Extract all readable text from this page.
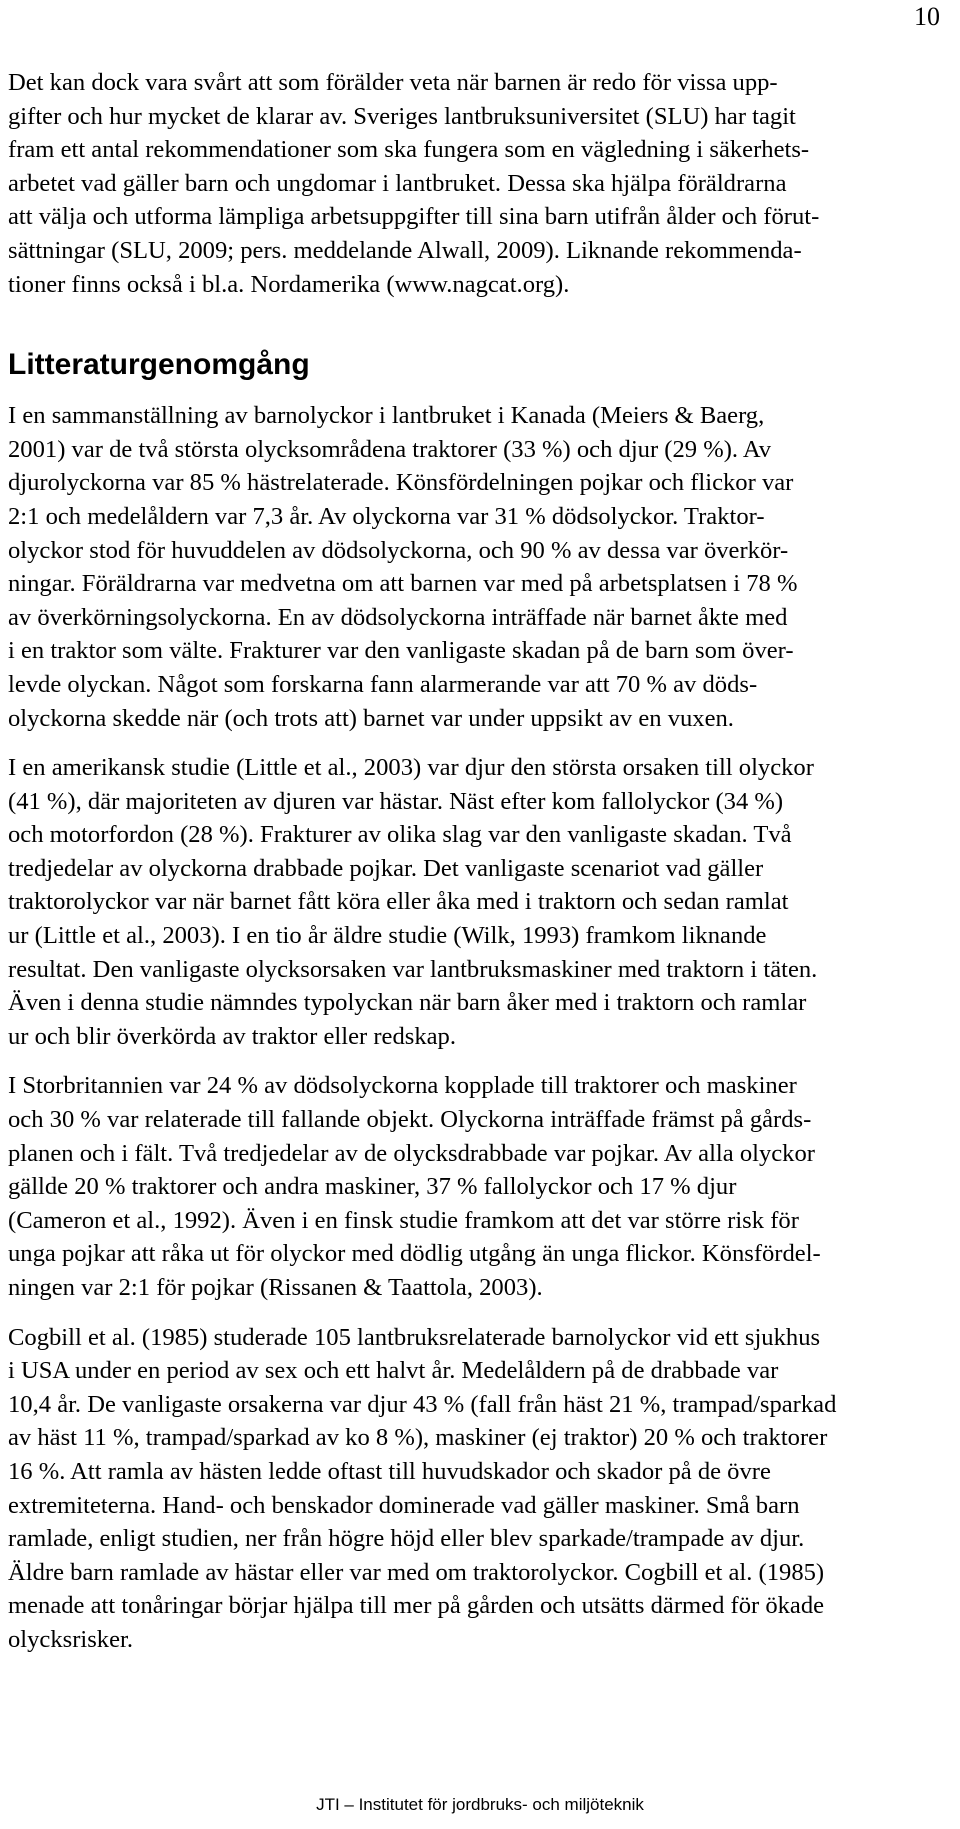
10

Det kan dock vara svårt att som förälder veta när barnen är redo för vissa upp-
gifter och hur mycket de klarar av. Sveriges lantbruksuniversitet (SLU) har tagit
fram ett antal rekommendationer som ska fungera som en vägledning i säkerhets-
arbetet vad gäller barn och ungdomar i lantbruket. Dessa ska hjälpa föräldrarna
att välja och utforma lämpliga arbetsuppgifter till sina barn utifrån ålder och förut-
sättningar (SLU, 2009; pers. meddelande Alwall, 2009). Liknande rekommenda-
tioner finns också i bl.a. Nordamerika (www.nagcat.org).

Litteraturgenomgång

I en sammanställning av barnolyckor i lantbruket i Kanada (Meiers & Baerg,
2001) var de två största olycksområdena traktorer (33 %) och djur (29 %). Av
djurolyckorna var 85 % hästrelaterade. Könsfördelningen pojkar och flickor var
2:1 och medelåldern var 7,3 år. Av olyckorna var 31 % dödsolyckor. Traktor-
olyckor stod för huvuddelen av dödsolyckorna, och 90 % av dessa var överkör-
ningar. Föräldrarna var medvetna om att barnen var med på arbetsplatsen i 78 %
av överkörningsolyckorna. En av dödsolyckorna inträffade när barnet åkte med
i en traktor som välte. Frakturer var den vanligaste skadan på de barn som över-
levde olyckan. Något som forskarna fann alarmerande var att 70 % av döds-
olyckorna skedde när (och trots att) barnet var under uppsikt av en vuxen.

I en amerikansk studie (Little et al., 2003) var djur den största orsaken till olyckor
(41 %), där majoriteten av djuren var hästar. Näst efter kom fallolyckor (34 %)
och motorfordon (28 %). Frakturer av olika slag var den vanligaste skadan. Två
tredjedelar av olyckorna drabbade pojkar. Det vanligaste scenariot vad gäller
traktorolyckor var när barnet fått köra eller åka med i traktorn och sedan ramlat
ur (Little et al., 2003). I en tio år äldre studie (Wilk, 1993) framkom liknande
resultat. Den vanligaste olycksorsaken var lantbruksmaskiner med traktorn i täten.
Även i denna studie nämndes typolyckan när barn åker med i traktorn och ramlar
ur och blir överkörda av traktor eller redskap.

I Storbritannien var 24 % av dödsolyckorna kopplade till traktorer och maskiner
och 30 % var relaterade till fallande objekt. Olyckorna inträffade främst på gårds-
planen och i fält. Två tredjedelar av de olycksdrabbade var pojkar. Av alla olyckor
gällde 20 % traktorer och andra maskiner, 37 % fallolyckor och 17 % djur
(Cameron et al., 1992). Även i en finsk studie framkom att det var större risk för
unga pojkar att råka ut för olyckor med dödlig utgång än unga flickor. Könsfördel-
ningen var 2:1 för pojkar (Rissanen & Taattola, 2003).

Cogbill et al. (1985) studerade 105 lantbruksrelaterade barnolyckor vid ett sjukhus
i USA under en period av sex och ett halvt år. Medelåldern på de drabbade var
10,4 år. De vanligaste orsakerna var djur 43 % (fall från häst 21 %, trampad/sparkad
av häst 11 %, trampad/sparkad av ko 8 %), maskiner (ej traktor) 20 % och traktorer
16 %. Att ramla av hästen ledde oftast till huvudskador och skador på de övre
extremiteterna. Hand- och benskador dominerade vad gäller maskiner. Små barn
ramlade, enligt studien, ner från högre höjd eller blev sparkade/trampade av djur.
Äldre barn ramlade av hästar eller var med om traktorolyckor. Cogbill et al. (1985)
menade att tonåringar börjar hjälpa till mer på gården och utsätts därmed för ökade
olycksrisker.

JTI – Institutet för jordbruks- och miljöteknik
